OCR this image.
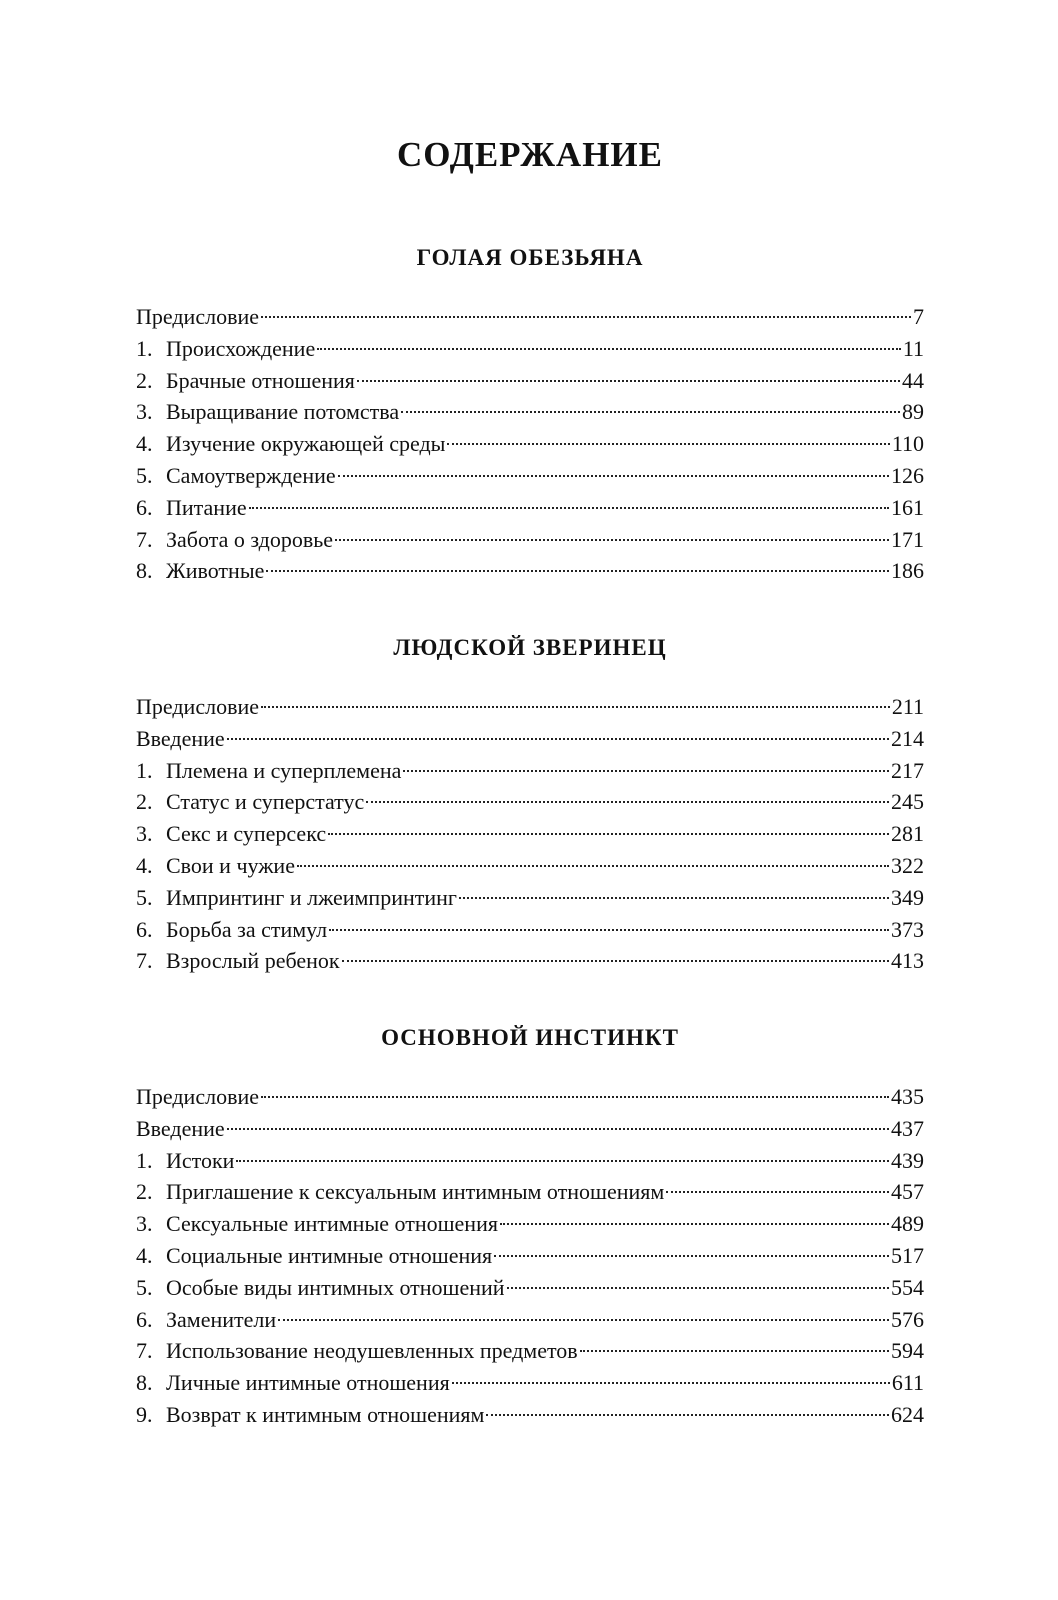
СОДЕРЖАНИЕ
ГОЛАЯ ОБЕЗЬЯНА
Предисловие	7
1. Происхождение	11
2. Брачные отношения	44
3. Выращивание потомства	89
4. Изучение окружающей среды	110
5. Самоутверждение	126
6. Питание	161
7. Забота о здоровье	171
8. Животные	186
ЛЮДСКОЙ ЗВЕРИНЕЦ
Предисловие	211
Введение	214
1. Племена и суперплемена	217
2. Статус и суперстатус	245
3. Секс и суперсекс	281
4. Свои и чужие	322
5. Импринтинг и лжеимпринтинг	349
6. Борьба за стимул	373
7. Взрослый ребенок	413
ОСНОВНОЙ ИНСТИНКТ
Предисловие	435
Введение	437
1. Истоки	439
2. Приглашение к сексуальным интимным отношениям	457
3. Сексуальные интимные отношения	489
4. Социальные интимные отношения	517
5. Особые виды интимных отношений	554
6. Заменители	576
7. Использование неодушевленных предметов	594
8. Личные интимные отношения	611
9. Возврат к интимным отношениям	624
